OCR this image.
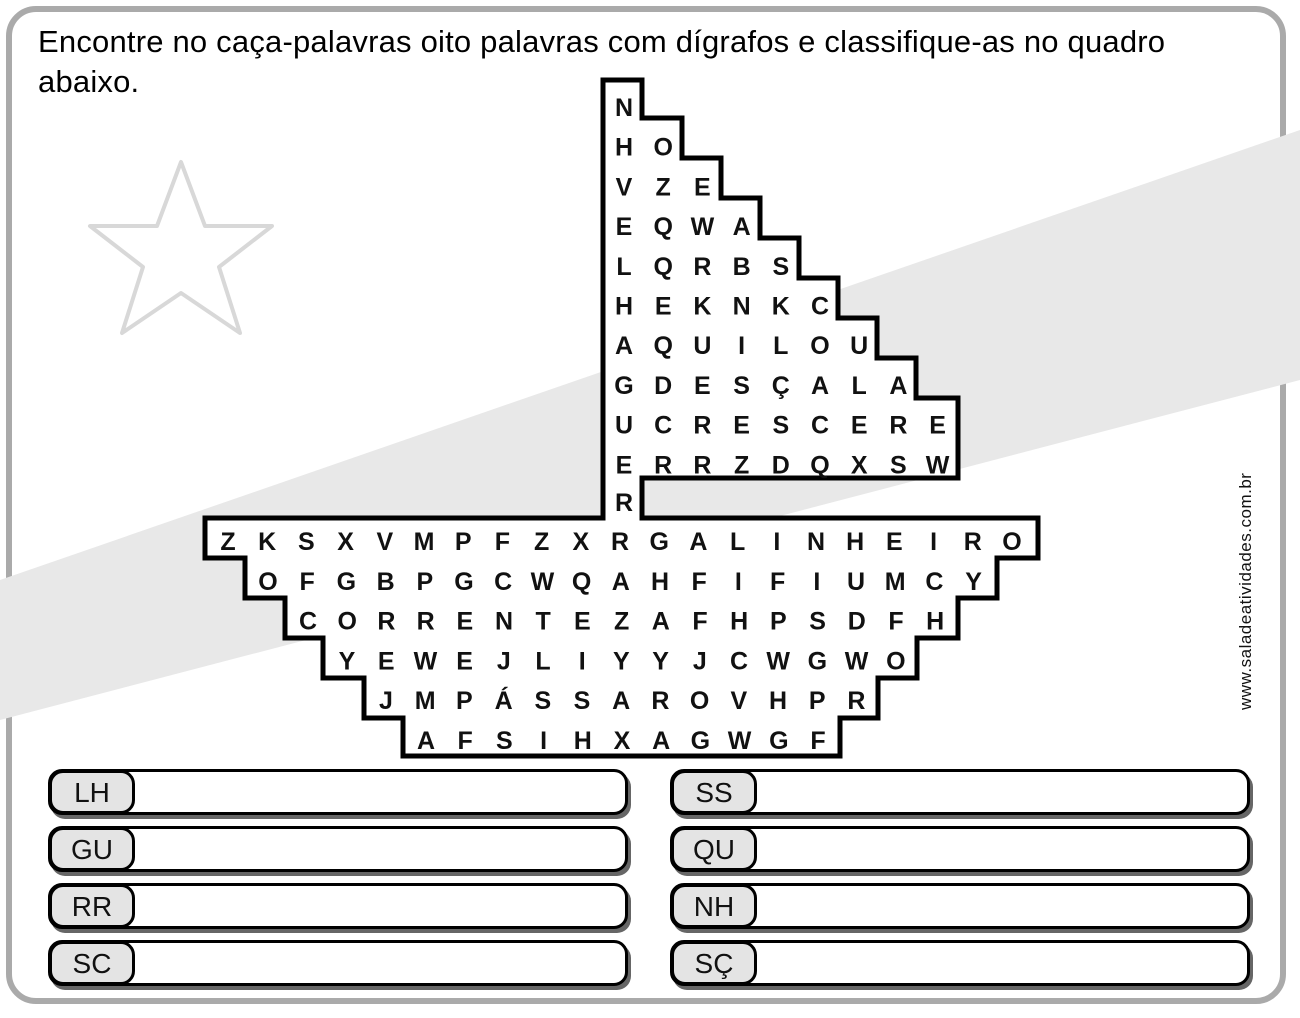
Encontre no caça-palavras oito palavras com dígrafos e classifique-as no quadro abaixo.

N
H O
V Z E
E Q W A
L Q R B S
H E K N K C
A Q U I L O U
G D E S Ç A L A
U C R E S C E R E
E R R Z D Q X S W
R
Z K S X V M P F Z X R G A L I N H E I R O
O F G B P G C W Q A H F I F I U M C Y
C O R R E N T E Z A F H P S D F H
Y E W E J L I Y Y J C W G W O
J M P Á S S A R O V H P R
A F S I H X A G W G F
www.saladeatividades.com.br
LH
GU
RR
SC
SS
QU
NH
SÇ
